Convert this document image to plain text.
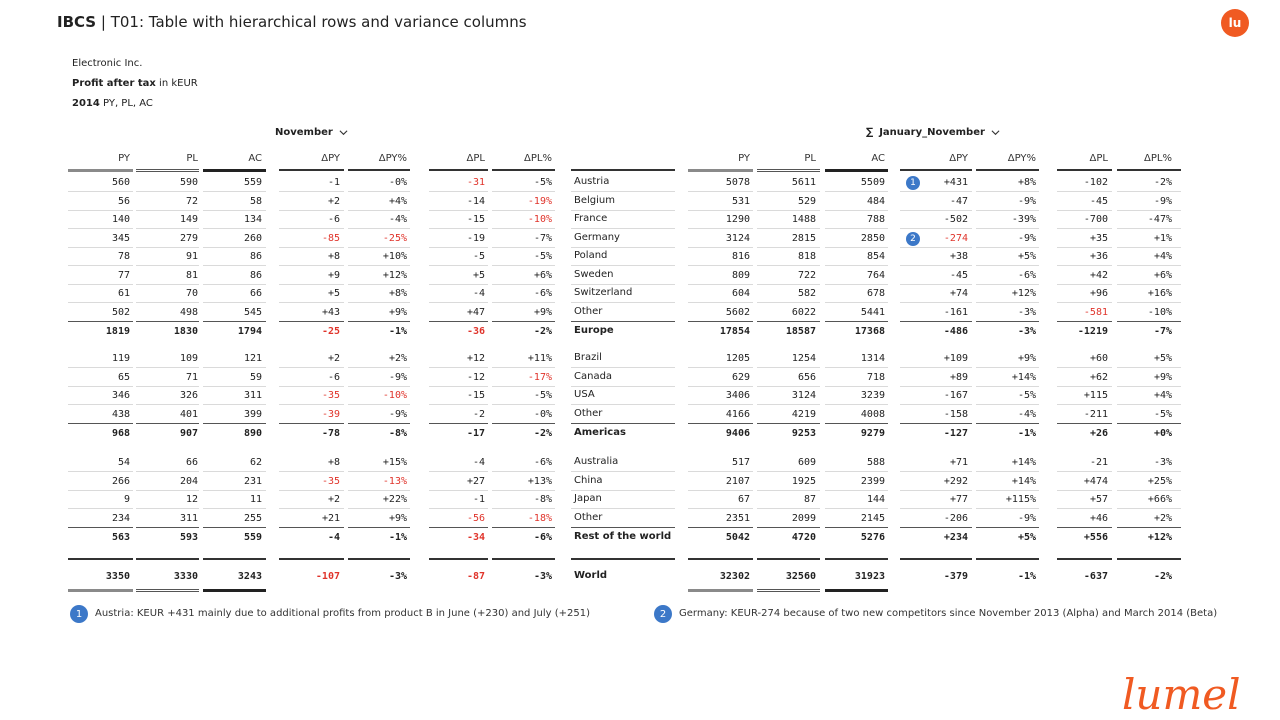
IBCS | T01: Table with hierarchical rows and variance columns	lu
Electronic Inc.
Profit after tax in kEUR
2014 PY, PL, AC
November	∑ January_November
PY	PL	AC	ΔPY	ΔPY%	ΔPL	ΔPL%	PY	PL	AC	ΔPY	ΔPY%	ΔPL	ΔPL%
560	590	559	-1	-0%	-31	-5% Austria	5078	5611	5509	+431	+8%	-102	-2%
1
56	72	58	+2	+4%	-14	-19% Belgium	531	529	484	-47	-9%	-45	-9%
140	149	134	-6	-4%	-15	-10% France	1290	1488	788	-502	-39%	-700	-47%
345	279	260	-85	-25%	-19	-7% Germany	3124	2815	2850	-274	-9%	+35	+1%
2
78	91	86	+8	+10%	-5	-5% Poland	816	818	854	+38	+5%	+36	+4%
77	81	86	+9	+12%	+5	+6% Sweden	809	722	764	-45	-6%	+42	+6%
61	70	66	+5	+8%	-4	-6% Switzerland	604	582	678	+74	+12%	+96	+16%
502	498	545	+43	+9%	+47	+9% Other	5602	6022	5441	-161	-3%	-581	-10%
1819	1830	1794	-25	-1%	-36	-2% Europe	17854	18587	17368	-486	-3%	-1219	-7%
119	109	121	+2	+2%	+12	+11% Brazil	1205	1254	1314	+109	+9%	+60	+5%
65	71	59	-6	-9%	-12	-17% Canada	629	656	718	+89	+14%	+62	+9%
346	326	311	-35	-10%	-15	-5% USA	3406	3124	3239	-167	-5%	+115	+4%
438	401	399	-39	-9%	-2	-0% Other	4166	4219	4008	-158	-4%	-211	-5%
968	907	890	-78	-8%	-17	-2% Americas	9406	9253	9279	-127	-1%	+26	+0%
54	66	62	+8	+15%	-4	-6% Australia	517	609	588	+71	+14%	-21	-3%
266	204	231	-35	-13%	+27	+13% China	2107	1925	2399	+292	+14%	+474	+25%
9	12	11	+2	+22%	-1	-8% Japan	67	87	144	+77	+115%	+57	+66%
234	311	255	+21	+9%	-56	-18% Other	2351	2099	2145	-206	-9%	+46	+2%
563	593	559	-4	-1%	-34	-6% Rest of the world	5042	4720	5276	+234	+5%	+556	+12%
3350	3330	3243	-107	-3%	-87	-3% World	32302	32560	31923	-379	-1%	-637	-2%
1	Austria: KEUR +431 mainly due to additional profits from product B in June (+230) and July (+251)	2	Germany: KEUR-274 because of two new competitors since November 2013 (Alpha) and March 2014 (Beta)
lumel
